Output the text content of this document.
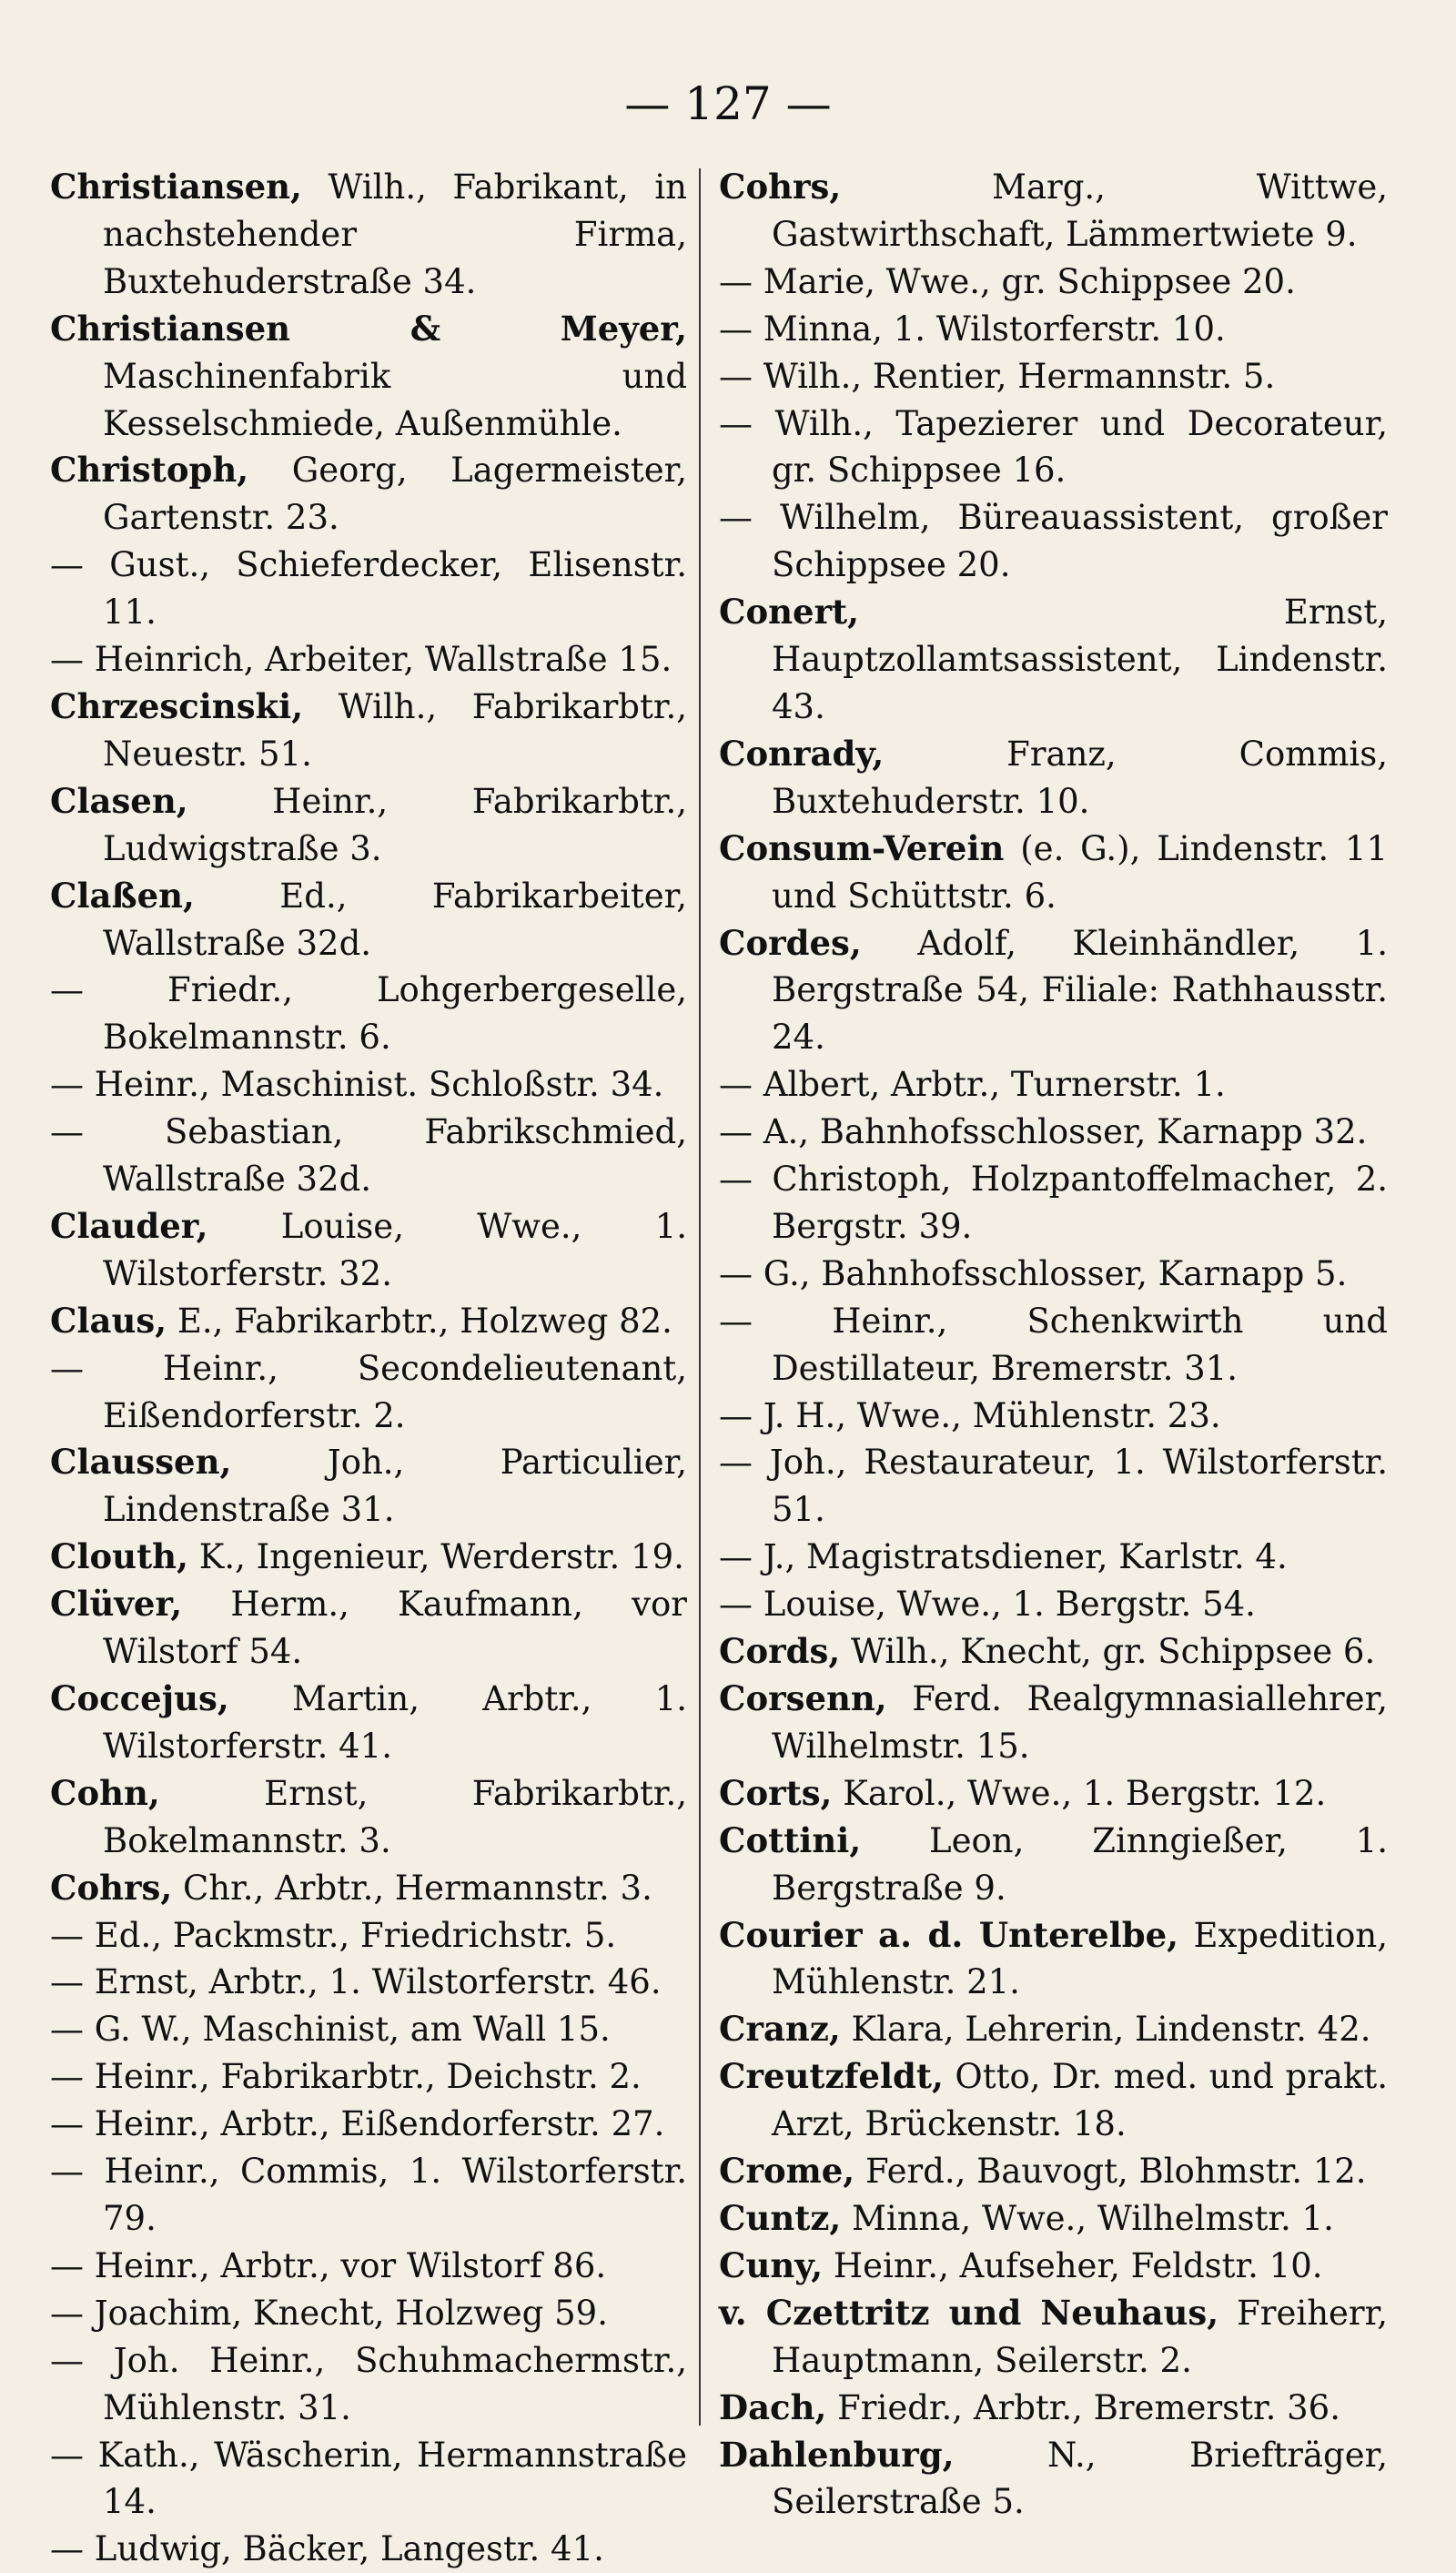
— 127 —
Christiansen, Wilh., Fabrikant, in nachstehender Firma, Buxtehuderstraße 34.
Christiansen & Meyer, Maschinenfabrik und Kesselschmiede, Außenmühle.
Christoph, Georg, Lagermeister, Gartenstr. 23.
— Gust., Schieferdecker, Elisenstr. 11.
— Heinrich, Arbeiter, Wallstraße 15.
Chrzescinski, Wilh., Fabrikarbtr., Neuestr. 51.
Clasen, Heinr., Fabrikarbtr., Ludwigstraße 3.
Claßen, Ed., Fabrikarbeiter, Wallstraße 32d.
— Friedr., Lohgerbergeselle, Bokelmannstr. 6.
— Heinr., Maschinist. Schloßstr. 34.
— Sebastian, Fabrikschmied, Wallstraße 32d.
Clauder, Louise, Wwe., 1. Wilstorferstr. 32.
Claus, E., Fabrikarbtr., Holzweg 82.
— Heinr., Secondelieutenant, Eißendorferstr. 2.
Claussen, Joh., Particulier, Lindenstraße 31.
Clouth, K., Ingenieur, Werderstr. 19.
Clüver, Herm., Kaufmann, vor Wilstorf 54.
Coccejus, Martin, Arbtr., 1. Wilstorferstr. 41.
Cohn, Ernst, Fabrikarbtr., Bokelmannstr. 3.
Cohrs, Chr., Arbtr., Hermannstr. 3.
— Ed., Packmstr., Friedrichstr. 5.
— Ernst, Arbtr., 1. Wilstorferstr. 46.
— G. W., Maschinist, am Wall 15.
— Heinr., Fabrikarbtr., Deichstr. 2.
— Heinr., Arbtr., Eißendorferstr. 27.
— Heinr., Commis, 1. Wilstorferstr. 79.
— Heinr., Arbtr., vor Wilstorf 86.
— Joachim, Knecht, Holzweg 59.
— Joh. Heinr., Schuhmachermstr., Mühlenstr. 31.
— Kath., Wäscherin, Hermannstraße 14.
— Ludwig, Bäcker, Langestr. 41.
Cohrs, Marg., Wittwe, Gastwirthschaft, Lämmertwiete 9.
— Marie, Wwe., gr. Schippsee 20.
— Minna, 1. Wilstorferstr. 10.
— Wilh., Rentier, Hermannstr. 5.
— Wilh., Tapezierer und Decorateur, gr. Schippsee 16.
— Wilhelm, Büreauassistent, großer Schippsee 20.
Conert, Ernst, Hauptzollamtsassistent, Lindenstr. 43.
Conrady, Franz, Commis, Buxtehuderstr. 10.
Consum-Verein (e. G.), Lindenstr. 11 und Schüttstr. 6.
Cordes, Adolf, Kleinhändler, 1. Bergstraße 54, Filiale: Rathhausstr. 24.
— Albert, Arbtr., Turnerstr. 1.
— A., Bahnhofsschlosser, Karnapp 32.
— Christoph, Holzpantoffelmacher, 2. Bergstr. 39.
— G., Bahnhofsschlosser, Karnapp 5.
— Heinr., Schenkwirth und Destillateur, Bremerstr. 31.
— J. H., Wwe., Mühlenstr. 23.
— Joh., Restaurateur, 1. Wilstorferstr. 51.
— J., Magistratsdiener, Karlstr. 4.
— Louise, Wwe., 1. Bergstr. 54.
Cords, Wilh., Knecht, gr. Schippsee 6.
Corsenn, Ferd. Realgymnasiallehrer, Wilhelmstr. 15.
Corts, Karol., Wwe., 1. Bergstr. 12.
Cottini, Leon, Zinngießer, 1. Bergstraße 9.
Courier a. d. Unterelbe, Expedition, Mühlenstr. 21.
Cranz, Klara, Lehrerin, Lindenstr. 42.
Creutzfeldt, Otto, Dr. med. und prakt. Arzt, Brückenstr. 18.
Crome, Ferd., Bauvogt, Blohmstr. 12.
Cuntz, Minna, Wwe., Wilhelmstr. 1.
Cuny, Heinr., Aufseher, Feldstr. 10.
v. Czettritz und Neuhaus, Freiherr, Hauptmann, Seilerstr. 2.
Dach, Friedr., Arbtr., Bremerstr. 36.
Dahlenburg, N., Briefträger, Seilerstraße 5.
